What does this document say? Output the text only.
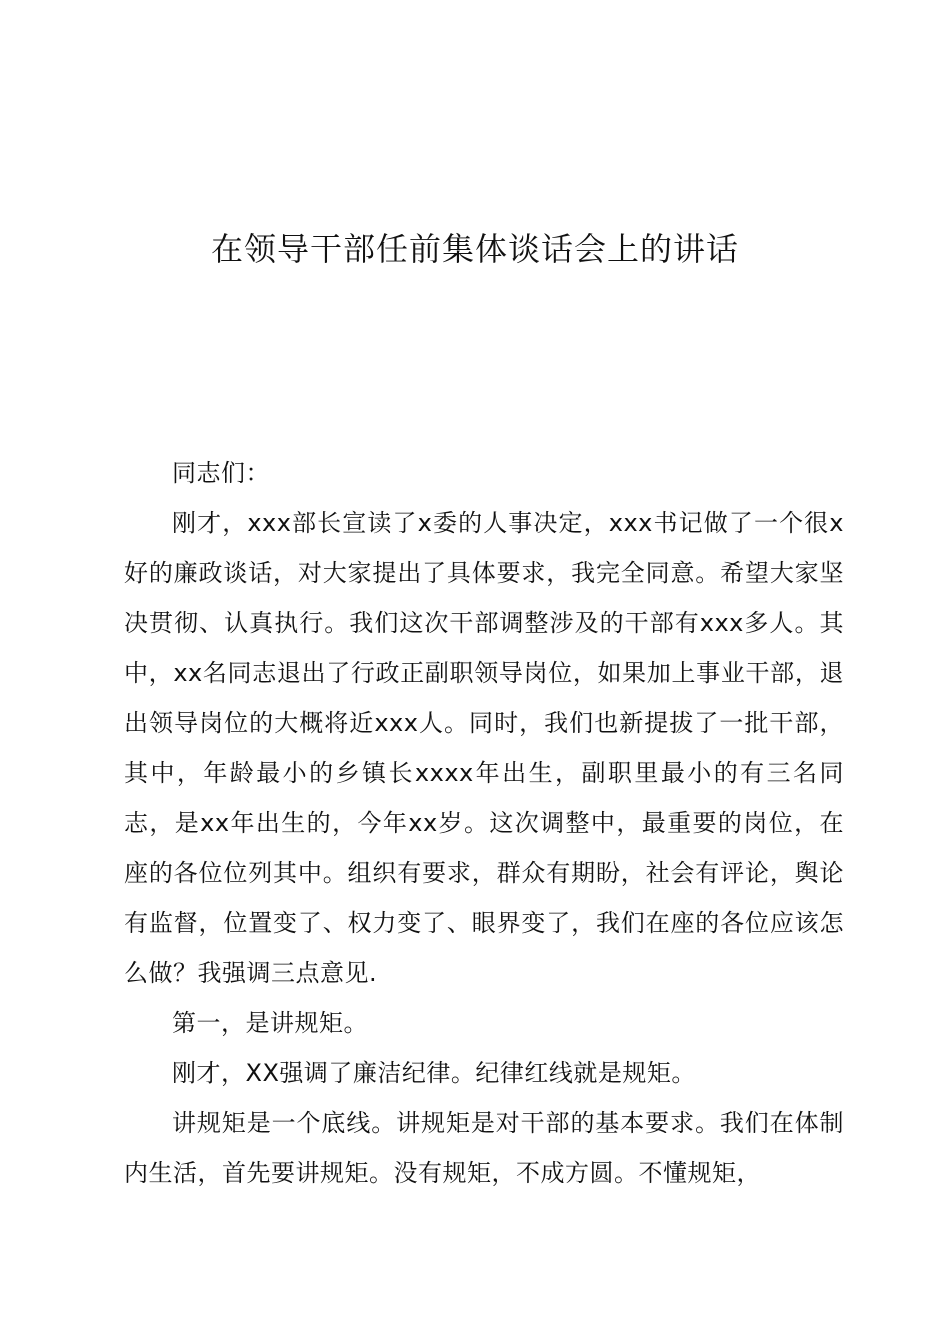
在领导干部任前集体谈话会上的讲话

同志们：

刚才，xxx部长宣读了x委的人事决定，xxx书记做了一个很x好的廉政谈话，对大家提出了具体要求，我完全同意。希望大家坚决贯彻、认真执行。我们这次干部调整涉及的干部有xxx多人。其中，xx名同志退出了行政正副职领导岗位，如果加上事业干部，退出领导岗位的大概将近xxx人。同时，我们也新提拔了一批干部，其中，年龄最小的乡镇长xxxx年出生，副职里最小的有三名同志，是xx年出生的，今年xx岁。这次调整中，最重要的岗位，在座的各位位列其中。组织有要求，群众有期盼，社会有评论，舆论有监督，位置变了、权力变了、眼界变了，我们在座的各位应该怎么做？我强调三点意见.

第一，是讲规矩。

刚才，XX强调了廉洁纪律。纪律红线就是规矩。

讲规矩是一个底线。讲规矩是对干部的基本要求。我们在体制内生活，首先要讲规矩。没有规矩，不成方圆。不懂规矩，
